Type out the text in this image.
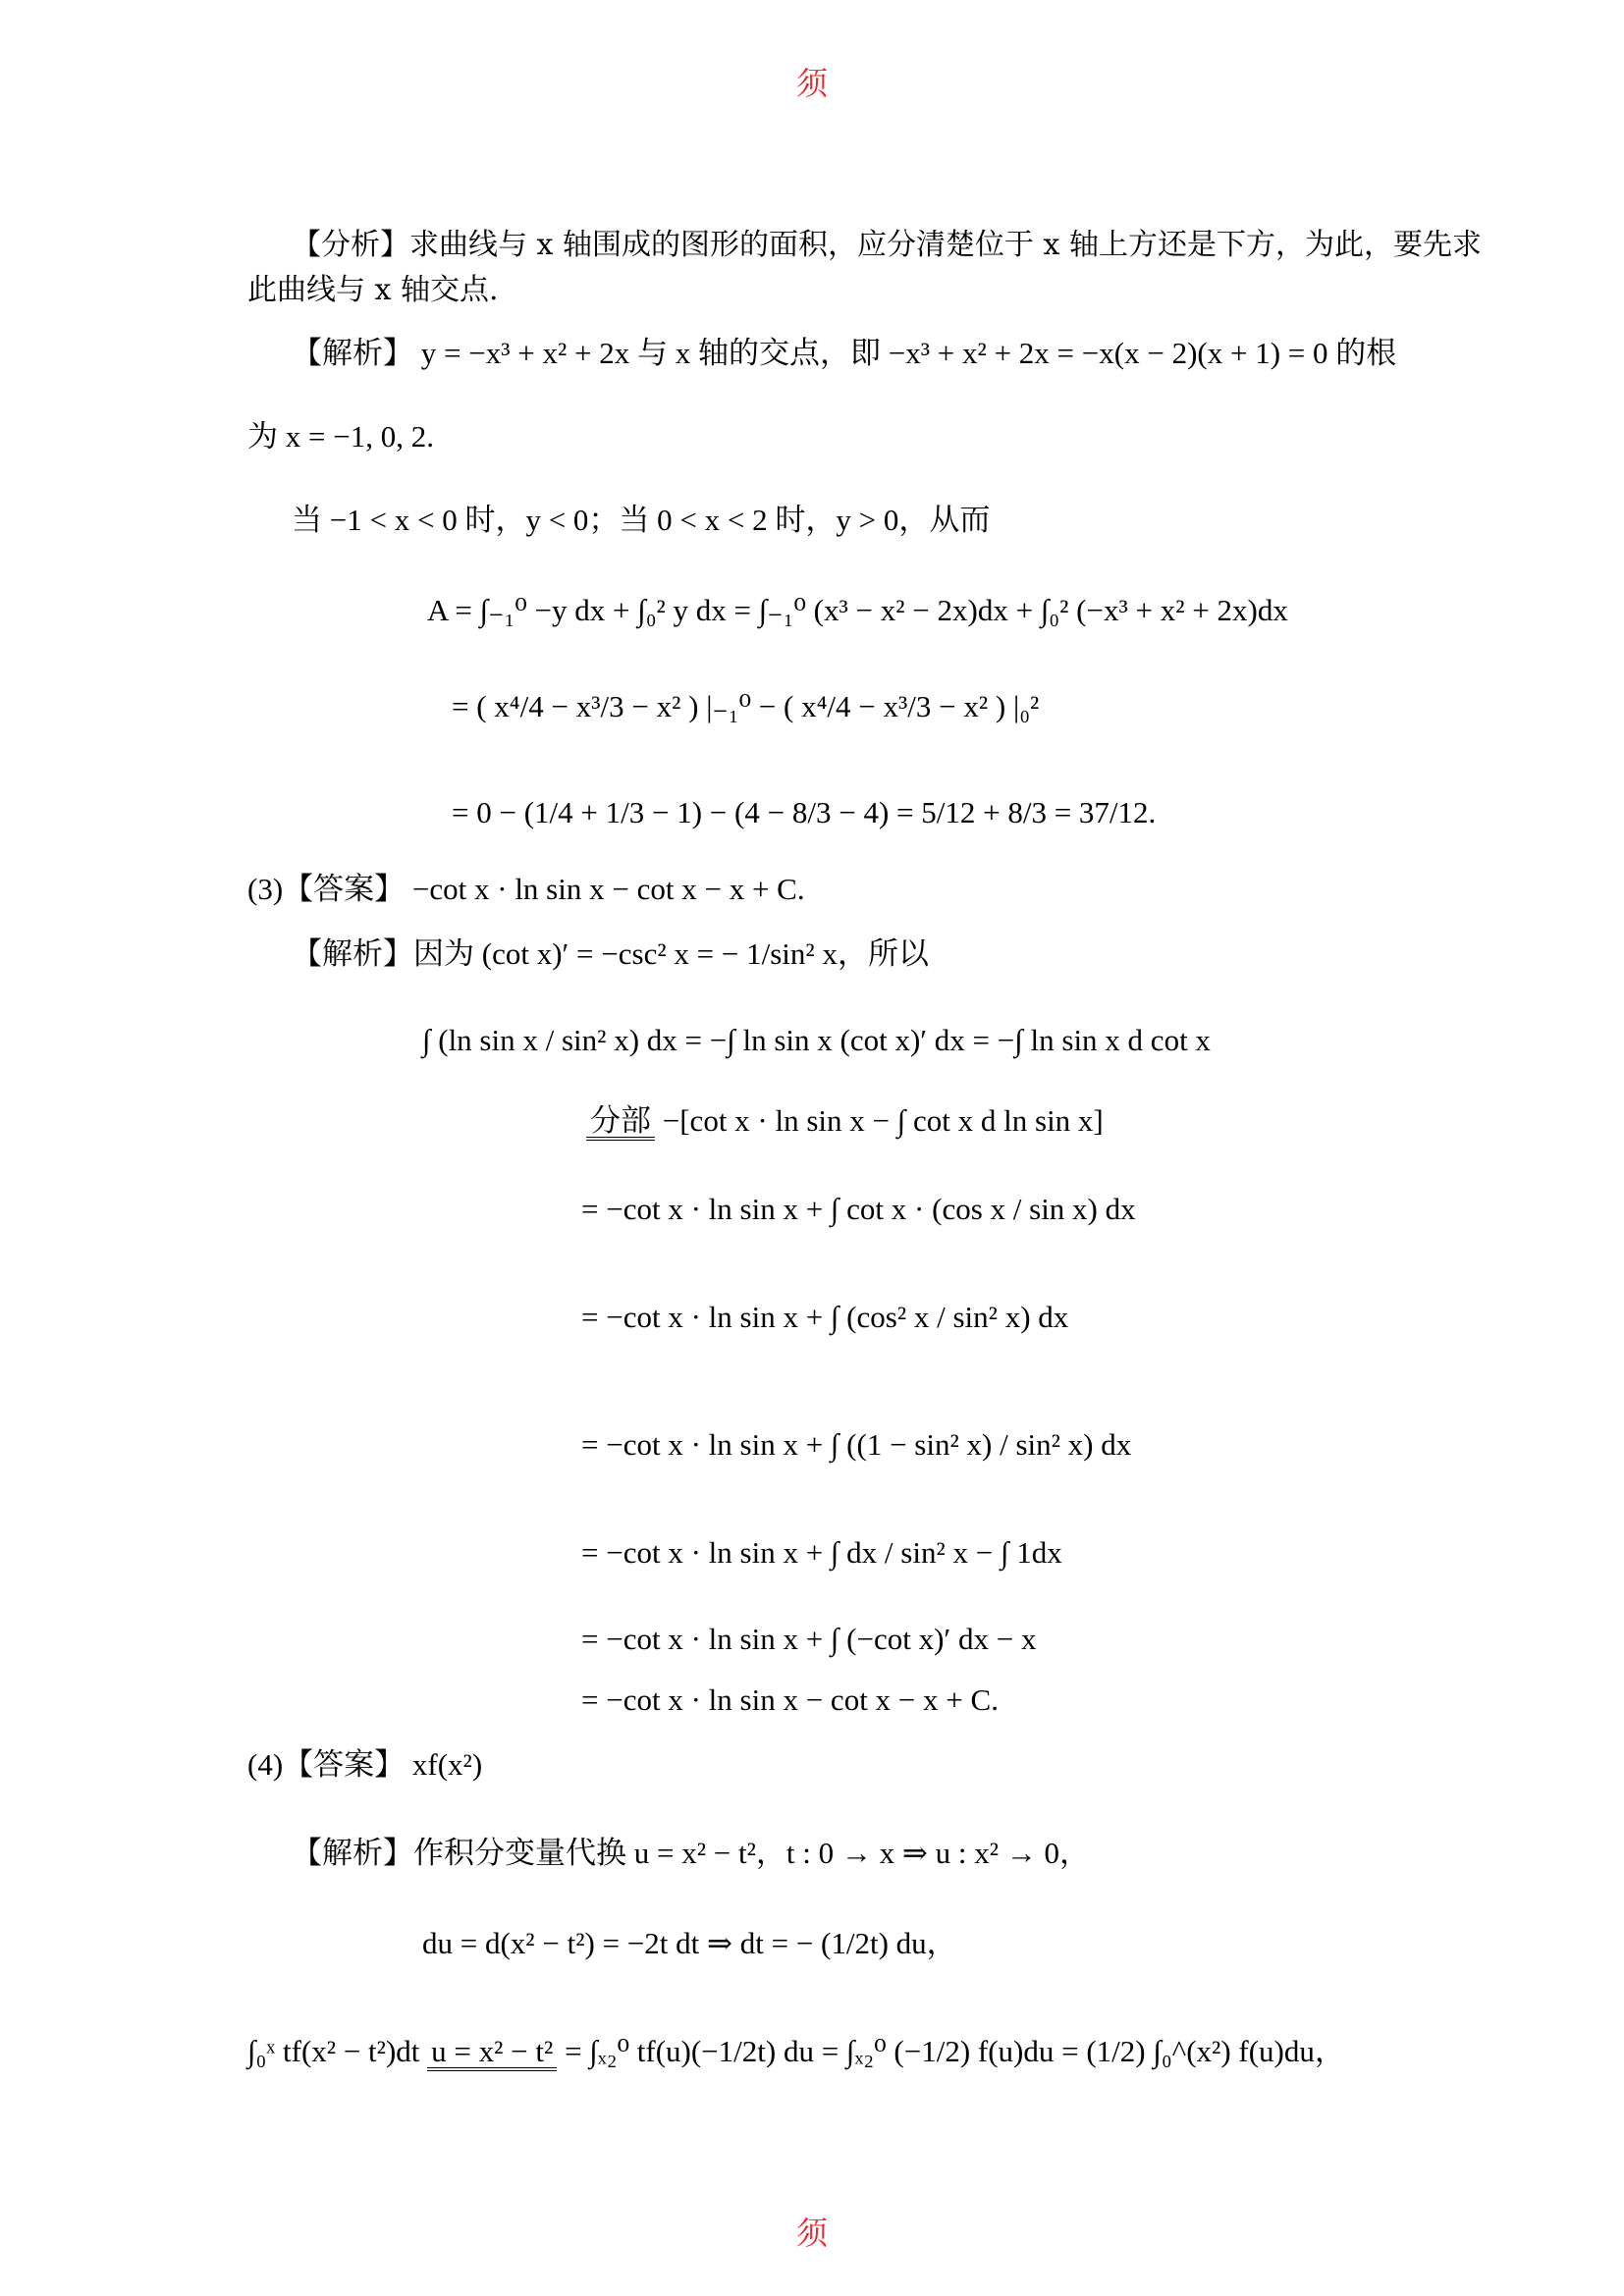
须
【分析】求曲线与 x 轴围成的图形的面积，应分清楚位于 x 轴上方还是下方，为此，要先求
此曲线与 x 轴交点.
【解析】 y = −x³ + x² + 2x 与 x 轴的交点，即 −x³ + x² + 2x = −x(x − 2)(x + 1) = 0 的根
为 x = −1, 0, 2.
当 −1 < x < 0 时，y < 0；当 0 < x < 2 时，y > 0，从而
A = ∫₋₁⁰ −y dx + ∫₀² y dx = ∫₋₁⁰ (x³ − x² − 2x)dx + ∫₀² (−x³ + x² + 2x)dx
= ( x⁴/4 − x³/3 − x² ) |₋₁⁰ − ( x⁴/4 − x³/3 − x² ) |₀²
= 0 − (1/4 + 1/3 − 1) − (4 − 8/3 − 4) = 5/12 + 8/3 = 37/12.
(3)【答案】 −cot x · ln sin x − cot x − x + C.
【解析】因为 (cot x)′ = −csc² x = − 1/sin² x，所以
∫ (ln sin x / sin² x) dx = −∫ ln sin x (cot x)′ dx = −∫ ln sin x d cot x
分部 −[cot x · ln sin x − ∫ cot x d ln sin x]
= −cot x · ln sin x + ∫ cot x · (cos x / sin x) dx
= −cot x · ln sin x + ∫ (cos² x / sin² x) dx
= −cot x · ln sin x + ∫ ((1 − sin² x) / sin² x) dx
= −cot x · ln sin x + ∫ dx / sin² x − ∫ 1dx
= −cot x · ln sin x + ∫ (−cot x)′ dx − x
= −cot x · ln sin x − cot x − x + C.
(4)【答案】 xf(x²)
【解析】作积分变量代换 u = x² − t²，t : 0 → x ⇒ u : x² → 0，
du = d(x² − t²) = −2t dt ⇒ dt = − (1/2t) du，
∫₀ˣ tf(x² − t²)dt u = x² − t² = ∫ₓ₂⁰ tf(u)(−1/2t) du = ∫ₓ₂⁰ (−1/2) f(u)du = (1/2) ∫₀^(x²) f(u)du，
须
